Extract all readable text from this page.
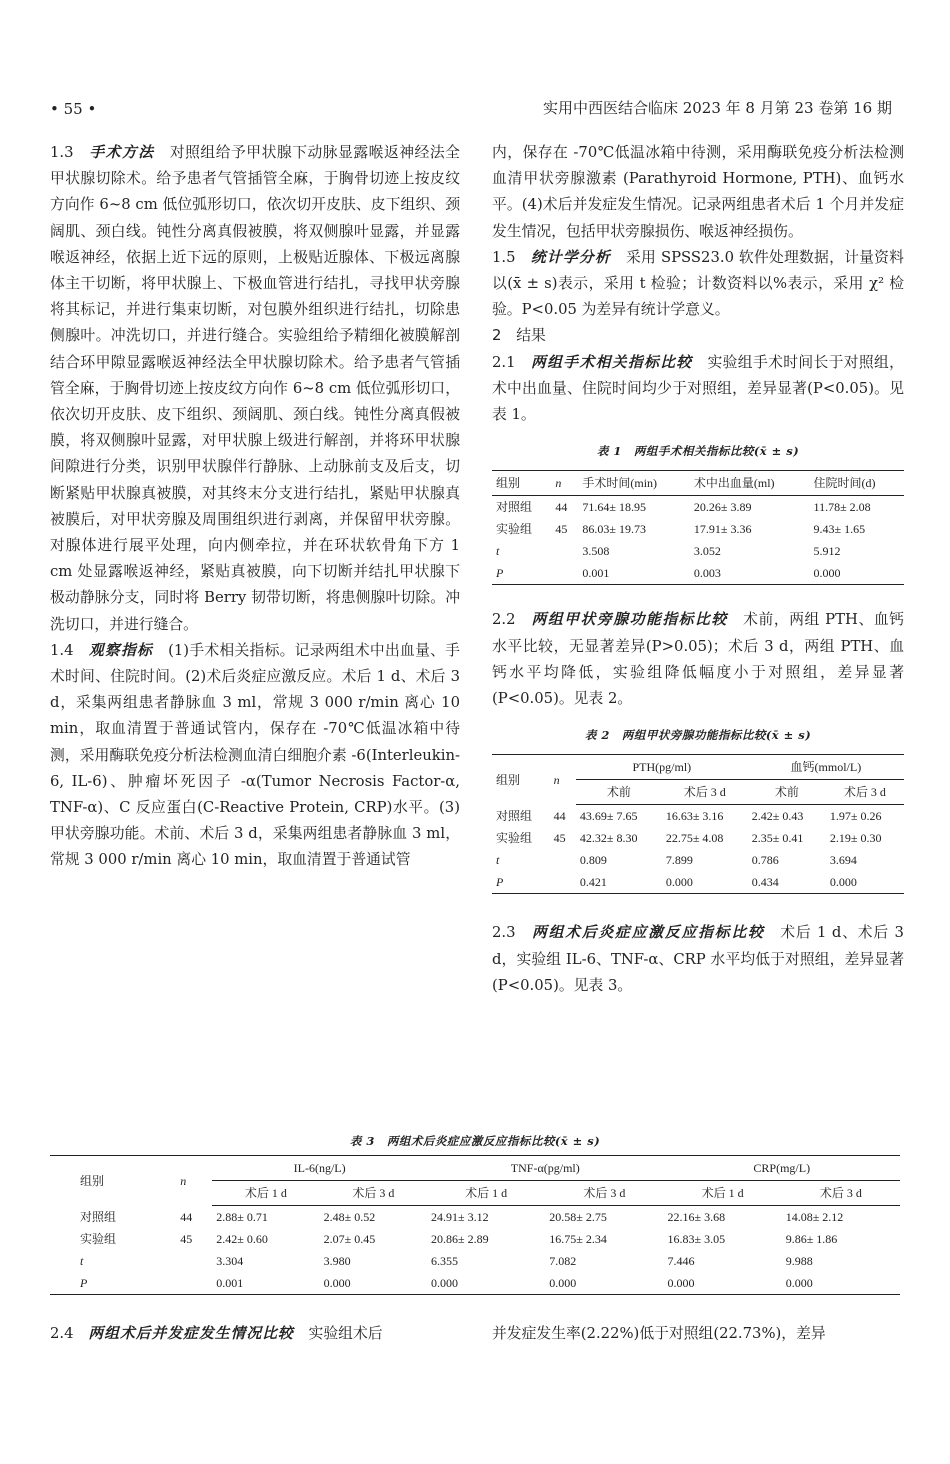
• 55 •	实用中西医结合临床 2023 年 8 月第 23 卷第 16 期

1.3　 手术方法　 对照组给予甲状腺下动脉显露喉返神经法全甲状腺切除术。给予患者气管插管全麻，于胸骨切迹上按皮纹方向作 6~8 cm 低位弧形切口，依次切开皮肤、皮下组织、颈阔肌、颈白线。钝性分离真假被膜，将双侧腺叶显露，并显露喉返神经，依据上近下远的原则，上极贴近腺体、下极远离腺体主干切断，将甲状腺上、下极血管进行结扎，寻找甲状旁腺将其标记，并进行集束切断，对包膜外组织进行结扎，切除患侧腺叶。冲洗切口，并进行缝合。实验组给予精细化被膜解剖结合环甲隙显露喉返神经法全甲状腺切除术。给予患者气管插管全麻，于胸骨切迹上按皮纹方向作 6~8 cm 低位弧形切口，依次切开皮肤、皮下组织、颈阔肌、颈白线。钝性分离真假被膜，将双侧腺叶显露，对甲状腺上级进行解剖，并将环甲状腺间隙进行分类，识别甲状腺伴行静脉、上动脉前支及后支，切断紧贴甲状腺真被膜，对其终末分支进行结扎，紧贴甲状腺真被膜后，对甲状旁腺及周围组织进行剥离，并保留甲状旁腺。对腺体进行展平处理，向内侧牵拉，并在环状软骨角下方 1 cm 处显露喉返神经，紧贴真被膜，向下切断并结扎甲状腺下极动静脉分支，同时将 Berry 韧带切断，将患侧腺叶切除。冲洗切口，并进行缝合。

1.4　 观察指标　 (1)手术相关指标。记录两组术中出血量、手术时间、住院时间。(2)术后炎症应激反应。术后 1 d、术后 3 d，采集两组患者静脉血 3 ml，常规 3 000 r/min 离心 10 min，取血清置于普通试管内，保存在 -70℃低温冰箱中待测，采用酶联免疫分析法检测血清白细胞介素 -6(Interleukin-6, IL-6)、肿瘤坏死因子 -α(Tumor Necrosis Factor-α, TNF-α)、C 反应蛋白(C-Reactive Protein, CRP)水平。(3)甲状旁腺功能。术前、术后 3 d，采集两组患者静脉血 3 ml，常规 3 000 r/min 离心 10 min，取血清置于普通试管

内，保存在 -70℃低温冰箱中待测，采用酶联免疫分析法检测血清甲状旁腺激素 (Parathyroid Hormone, PTH)、血钙水平。(4)术后并发症发生情况。记录两组患者术后 1 个月并发症发生情况，包括甲状旁腺损伤、喉返神经损伤。

1.5　 统计学分析　 采用 SPSS23.0 软件处理数据，计量资料以(x̄ ± s)表示，采用 t 检验；计数资料以%表示，采用 χ² 检验。P<0.05 为差异有统计学意义。

2　结果

2.1　 两组手术相关指标比较　 实验组手术时间长于对照组，术中出血量、住院时间均少于对照组，差异显著(P<0.05)。见表 1。

表 1　两组手术相关指标比较(x̄ ± s)
组别	n	手术时间(min)	术中出血量(ml)	住院时间(d)
对照组	44	71.64± 18.95	20.26± 3.89	11.78± 2.08
实验组	45	86.03± 19.73	17.91± 3.36	9.43± 1.65
t		3.508	3.052	5.912
P		0.001	0.003	0.000

2.2　 两组甲状旁腺功能指标比较　 术前，两组 PTH、血钙水平比较，无显著差异(P>0.05)；术后 3 d，两组 PTH、血钙水平均降低，实验组降低幅度小于对照组，差异显著(P<0.05)。见表 2。

表 2　两组甲状旁腺功能指标比较(x̄ ± s)
组别	n	PTH(pg/ml)		血钙(mmol/L)	
		术前	术后 3 d	术前	术后 3 d
对照组	44	43.69± 7.65	16.63± 3.16	2.42± 0.43	1.97± 0.26
实验组	45	42.32± 8.30	22.75± 4.08	2.35± 0.41	2.19± 0.30
t		0.809	7.899	0.786	3.694
P		0.421	0.000	0.434	0.000

2.3　 两组术后炎症应激反应指标比较　 术后 1 d、术后 3 d，实验组 IL-6、TNF-α、CRP 水平均低于对照组，差异显著(P<0.05)。见表 3。

表 3　两组术后炎症应激反应指标比较(x̄ ± s)
组别	n	IL-6(ng/L)		TNF-α(pg/ml)		CRP(mg/L)	
		术后 1 d	术后 3 d	术后 1 d	术后 3 d	术后 1 d	术后 3 d
对照组	44	2.88± 0.71	2.48± 0.52	24.91± 3.12	20.58± 2.75	22.16± 3.68	14.08± 2.12
实验组	45	2.42± 0.60	2.07± 0.45	20.86± 2.89	16.75± 2.34	16.83± 3.05	9.86± 1.86
t		3.304	3.980	6.355	7.082	7.446	9.988
P		0.001	0.000	0.000	0.000	0.000	0.000
2.4　 两组术后并发症发生情况比较　 实验组术后	并发症发生率(2.22%)低于对照组(22.73%)，差异
